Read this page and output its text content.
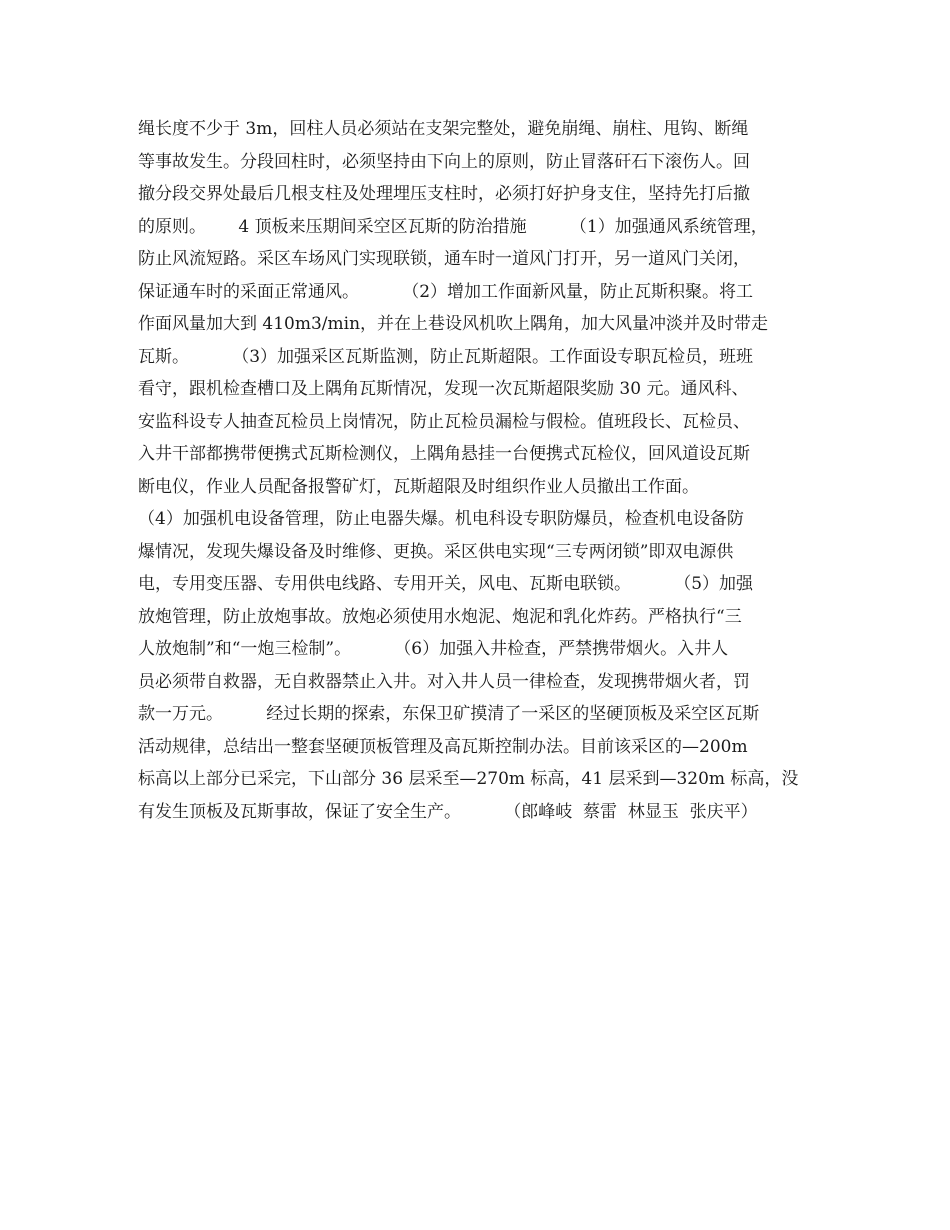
绳长度不少于 3m，回柱人员必须站在支架完整处，避免崩绳、崩柱、甩钩、断绳
等事故发生。分段回柱时，必须坚持由下向上的原则，防止冒落矸石下滚伤人。回
撤分段交界处最后几根支柱及处理埋压支柱时，必须打好护身支住，坚持先打后撤
的原则。      4 顶板来压期间采空区瓦斯的防治措施        （1）加强通风系统管理，
防止风流短路。采区车场风门实现联锁，通车时一道风门打开，另一道风门关闭，
保证通车时的采面正常通风。        （2）增加工作面新风量，防止瓦斯积聚。将工
作面风量加大到 410m3/min，并在上巷设风机吹上隅角，加大风量冲淡并及时带走
瓦斯。        （3）加强采区瓦斯监测，防止瓦斯超限。工作面设专职瓦检员，班班
看守，跟机检查槽口及上隅角瓦斯情况，发现一次瓦斯超限奖励 30 元。通风科、
安监科设专人抽查瓦检员上岗情况，防止瓦检员漏检与假检。值班段长、瓦检员、
入井干部都携带便携式瓦斯检测仪，上隅角悬挂一台便携式瓦检仪，回风道设瓦斯
断电仪，作业人员配备报警矿灯，瓦斯超限及时组织作业人员撤出工作面。
（4）加强机电设备管理，防止电器失爆。机电科设专职防爆员，检查机电设备防
爆情况，发现失爆设备及时维修、更换。采区供电实现“三专两闭锁”即双电源供
电，专用变压器、专用供电线路、专用开关，风电、瓦斯电联锁。        （5）加强
放炮管理，防止放炮事故。放炮必须使用水炮泥、炮泥和乳化炸药。严格执行“三
人放炮制”和“一炮三检制”。        （6）加强入井检查，严禁携带烟火。入井人
员必须带自救器，无自救器禁止入井。对入井人员一律检查，发现携带烟火者，罚
款一万元。        经过长期的探索，东保卫矿摸清了一采区的坚硬顶板及采空区瓦斯
活动规律，总结出一整套坚硬顶板管理及高瓦斯控制办法。目前该采区的—200m
标高以上部分已采完，下山部分 36 层采至—270m 标高，41 层采到—320m 标高，没
有发生顶板及瓦斯事故，保证了安全生产。        （郎峰岐  蔡雷  林显玉  张庆平）
